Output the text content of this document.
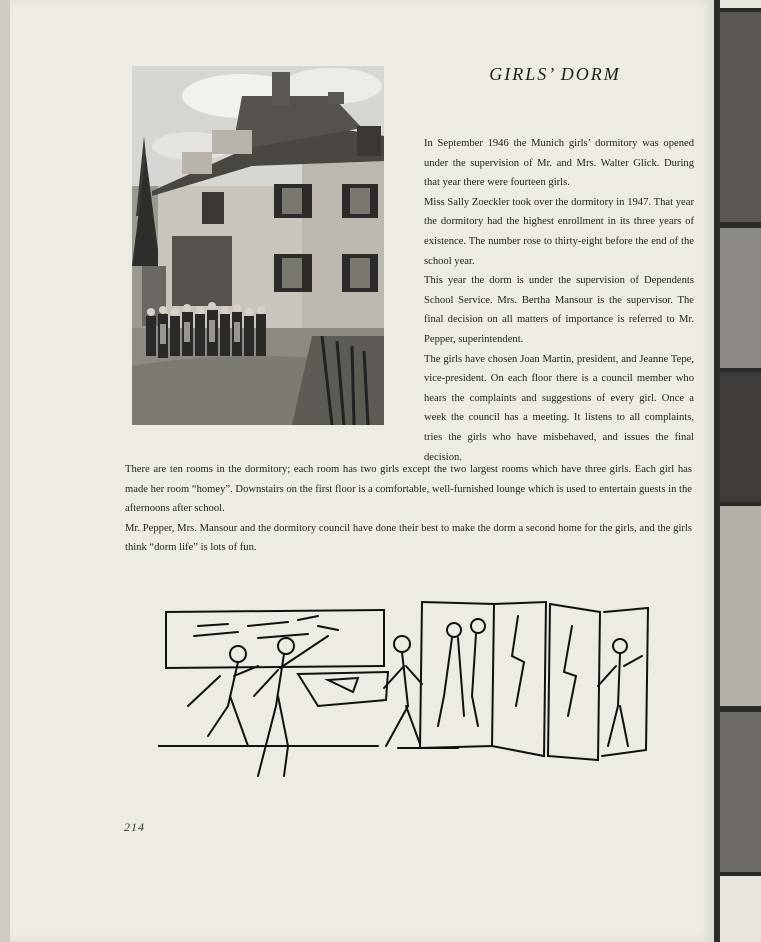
GIRLS’ DORM

In September 1946 the Munich girls’ dormitory was opened under the supervision of Mr. and Mrs. Walter Glick. During that year there were fourteen girls.

Miss Sally Zoeckler took over the dormitory in 1947. That year the dormitory had the highest enrollment in its three years of existence. The number rose to thirty-eight before the end of the school year.

This year the dorm is under the supervision of Dependents School Service. Mrs. Bertha Mansour is the supervisor. The final decision on all matters of importance is referred to Mr. Pepper, superintendent.

The girls have chosen Joan Martin, president, and Jeanne Tepe, vice-president. On each floor there is a council member who hears the complaints and suggestions of every girl. Once a week the council has a meeting. It listens to all complaints, tries the girls who have misbehaved, and issues the final decision.

There are ten rooms in the dormitory; each room has two girls except the two largest rooms which have three girls. Each girl has made her room “homey”. Downstairs on the first floor is a comfortable, well-furnished lounge which is used to entertain guests in the afternoons after school.

Mr. Pepper, Mrs. Mansour and the dormitory council have done their best to make the dorm a second home for the girls, and the girls think “dorm life” is lots of fun.

214
